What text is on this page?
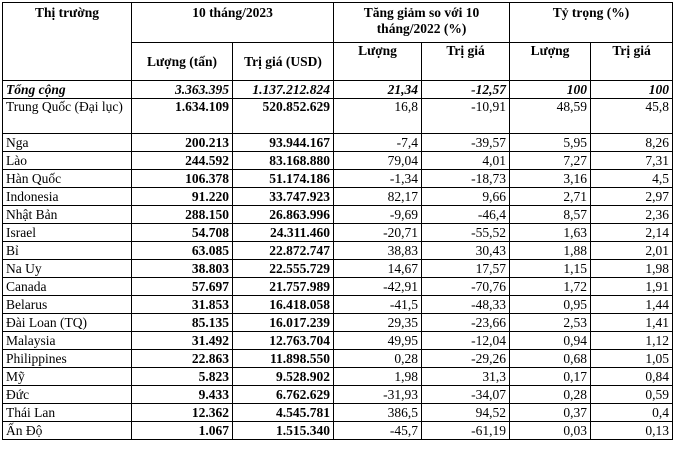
Thị trường	10 tháng/2023		Tăng giảm so với 10 tháng/2022 (%)		Tỷ trọng (%)	
	Lượng (tấn)	Trị giá (USD)	Lượng	Trị giá	Lượng	Trị giá
Tổng cộng	3.363.395	1.137.212.824	21,34	-12,57	100	100
Trung Quốc (Đại lục)	1.634.109	520.852.629	16,8	-10,91	48,59	45,8
Nga	200.213	93.944.167	-7,4	-39,57	5,95	8,26
Lào	244.592	83.168.880	79,04	4,01	7,27	7,31
Hàn Quốc	106.378	51.174.186	-1,34	-18,73	3,16	4,5
Indonesia	91.220	33.747.923	82,17	9,66	2,71	2,97
Nhật Bản	288.150	26.863.996	-9,69	-46,4	8,57	2,36
Israel	54.708	24.311.460	-20,71	-55,52	1,63	2,14
Bỉ	63.085	22.872.747	38,83	30,43	1,88	2,01
Na Uy	38.803	22.555.729	14,67	17,57	1,15	1,98
Canada	57.697	21.757.989	-42,91	-70,76	1,72	1,91
Belarus	31.853	16.418.058	-41,5	-48,33	0,95	1,44
Đài Loan (TQ)	85.135	16.017.239	29,35	-23,66	2,53	1,41
Malaysia	31.492	12.763.704	49,95	-12,04	0,94	1,12
Philippines	22.863	11.898.550	0,28	-29,26	0,68	1,05
Mỹ	5.823	9.528.902	1,98	31,3	0,17	0,84
Đức	9.433	6.762.629	-31,93	-34,07	0,28	0,59
Thái Lan	12.362	4.545.781	386,5	94,52	0,37	0,4
Ấn Độ	1.067	1.515.340	-45,7	-61,19	0,03	0,13
